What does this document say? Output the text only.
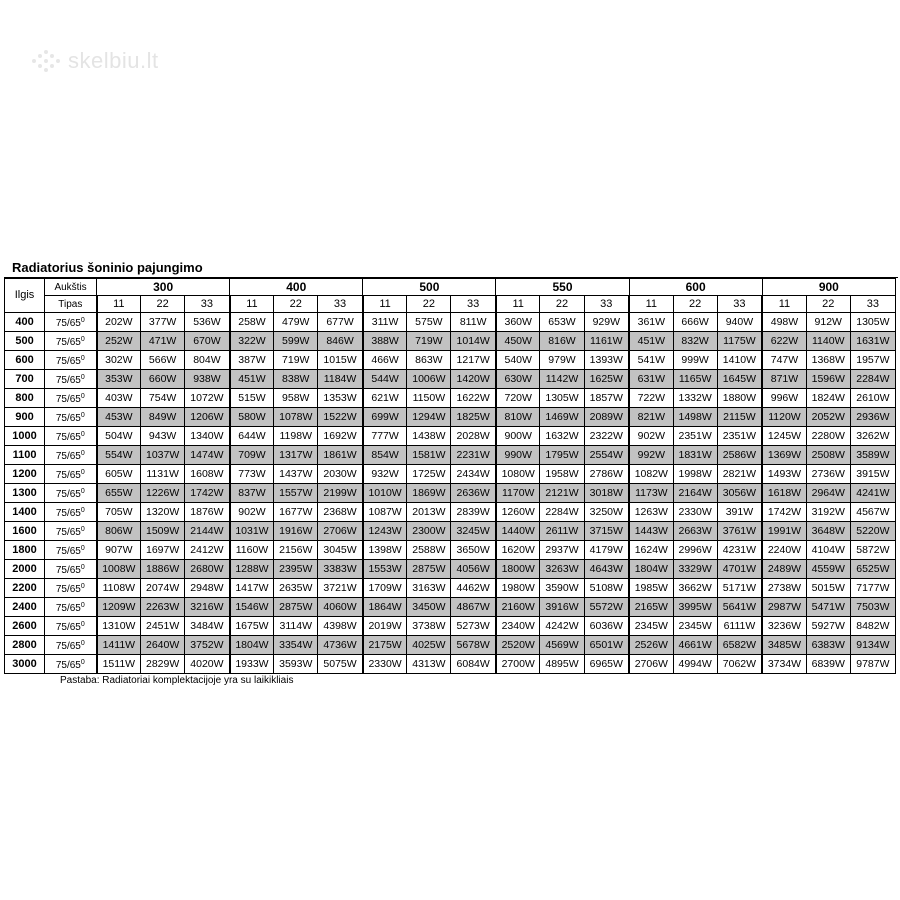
skelbiu.lt
Radiatorius šoninio pajungimo
Ilgis	Aukštis	300			400			500			550			600			900		
	Tipas	11	22	33	11	22	33	11	22	33	11	22	33	11	22	33	11	22	33
400	$75/65^0$	202W	377W	536W	258W	479W	677W	311W	575W	811W	360W	653W	929W	361W	666W	940W	498W	912W	1305W
500	$75/65^0$	252W	471W	670W	322W	599W	846W	388W	719W	1014W	450W	816W	1161W	451W	832W	1175W	622W	1140W	1631W
600	$75/65^0$	302W	566W	804W	387W	719W	1015W	466W	863W	1217W	540W	979W	1393W	541W	999W	1410W	747W	1368W	1957W
700	$75/65^0$	353W	660W	938W	451W	838W	1184W	544W	1006W	1420W	630W	1142W	1625W	631W	1165W	1645W	871W	1596W	2284W
800	$75/65^0$	403W	754W	1072W	515W	958W	1353W	621W	1150W	1622W	720W	1305W	1857W	722W	1332W	1880W	996W	1824W	2610W
900	$75/65^0$	453W	849W	1206W	580W	1078W	1522W	699W	1294W	1825W	810W	1469W	2089W	821W	1498W	2115W	1120W	2052W	2936W
1000	$75/65^0$	504W	943W	1340W	644W	1198W	1692W	777W	1438W	2028W	900W	1632W	2322W	902W	2351W	2351W	1245W	2280W	3262W
1100	$75/65^0$	554W	1037W	1474W	709W	1317W	1861W	854W	1581W	2231W	990W	1795W	2554W	992W	1831W	2586W	1369W	2508W	3589W
1200	$75/65^0$	605W	1131W	1608W	773W	1437W	2030W	932W	1725W	2434W	1080W	1958W	2786W	1082W	1998W	2821W	1493W	2736W	3915W
1300	$75/65^0$	655W	1226W	1742W	837W	1557W	2199W	1010W	1869W	2636W	1170W	2121W	3018W	1173W	2164W	3056W	1618W	2964W	4241W
1400	$75/65^0$	705W	1320W	1876W	902W	1677W	2368W	1087W	2013W	2839W	1260W	2284W	3250W	1263W	2330W	391W	1742W	3192W	4567W
1600	$75/65^0$	806W	1509W	2144W	1031W	1916W	2706W	1243W	2300W	3245W	1440W	2611W	3715W	1443W	2663W	3761W	1991W	3648W	5220W
1800	$75/65^0$	907W	1697W	2412W	1160W	2156W	3045W	1398W	2588W	3650W	1620W	2937W	4179W	1624W	2996W	4231W	2240W	4104W	5872W
2000	$75/65^0$	1008W	1886W	2680W	1288W	2395W	3383W	1553W	2875W	4056W	1800W	3263W	4643W	1804W	3329W	4701W	2489W	4559W	6525W
2200	$75/65^0$	1108W	2074W	2948W	1417W	2635W	3721W	1709W	3163W	4462W	1980W	3590W	5108W	1985W	3662W	5171W	2738W	5015W	7177W
2400	$75/65^0$	1209W	2263W	3216W	1546W	2875W	4060W	1864W	3450W	4867W	2160W	3916W	5572W	2165W	3995W	5641W	2987W	5471W	7503W
2600	$75/65^0$	1310W	2451W	3484W	1675W	3114W	4398W	2019W	3738W	5273W	2340W	4242W	6036W	2345W	2345W	6111W	3236W	5927W	8482W
2800	$75/65^0$	1411W	2640W	3752W	1804W	3354W	4736W	2175W	4025W	5678W	2520W	4569W	6501W	2526W	4661W	6582W	3485W	6383W	9134W
3000	$75/65^0$	1511W	2829W	4020W	1933W	3593W	5075W	2330W	4313W	6084W	2700W	4895W	6965W	2706W	4994W	7062W	3734W	6839W	9787W
Pastaba: Radiatoriai komplektacijoje yra su laikikliais
